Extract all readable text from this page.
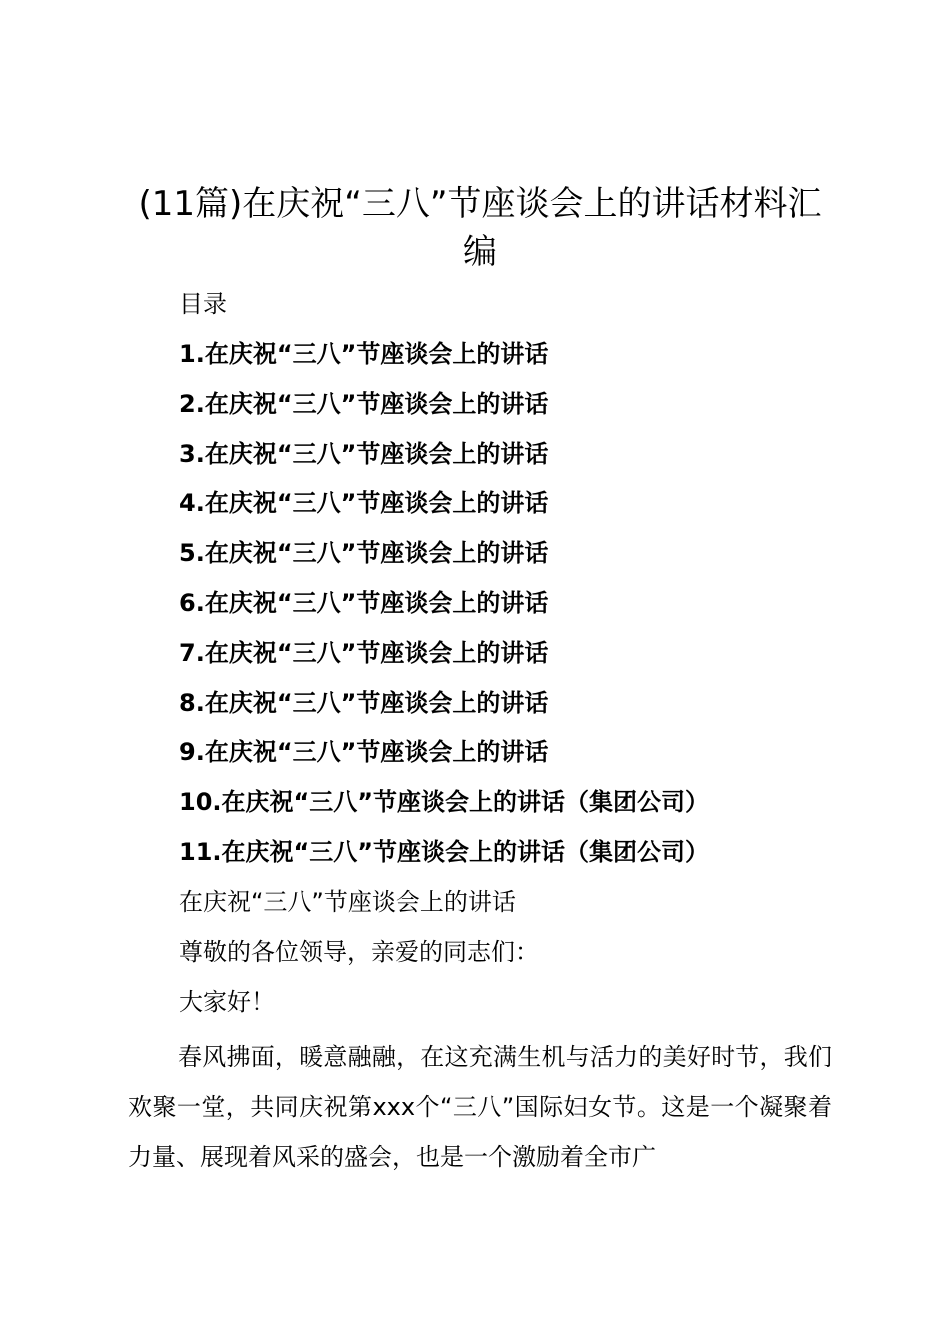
(11篇)在庆祝“三八”节座谈会上的讲话材料汇编

目录

1.在庆祝“三八”节座谈会上的讲话
2.在庆祝“三八”节座谈会上的讲话
3.在庆祝“三八”节座谈会上的讲话
4.在庆祝“三八”节座谈会上的讲话
5.在庆祝“三八”节座谈会上的讲话
6.在庆祝“三八”节座谈会上的讲话
7.在庆祝“三八”节座谈会上的讲话
8.在庆祝“三八”节座谈会上的讲话
9.在庆祝“三八”节座谈会上的讲话
10.在庆祝“三八”节座谈会上的讲话（集团公司）
11.在庆祝“三八”节座谈会上的讲话（集团公司）

在庆祝“三八”节座谈会上的讲话

尊敬的各位领导，亲爱的同志们：

大家好！

春风拂面，暖意融融，在这充满生机与活力的美好时节，我们欢聚一堂，共同庆祝第xxx个“三八”国际妇女节。这是一个凝聚着力量、展现着风采的盛会，也是一个激励着全市广
